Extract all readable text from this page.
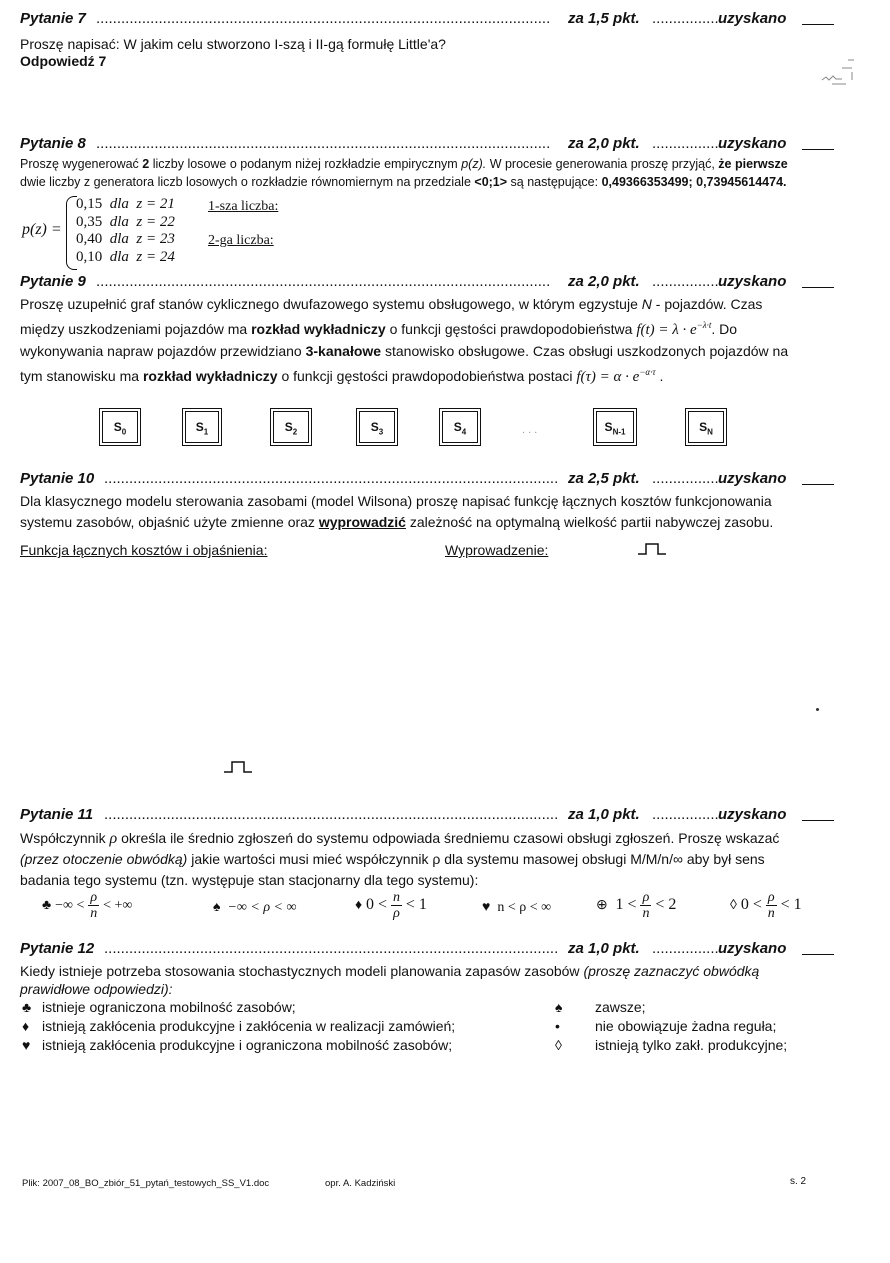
Pytanie 7 .............................................................................................................	za 1,5 pkt. ...................
uzyskano
Proszę napisać: W jakim celu stworzono I-szą i II-gą formułę Little'a?
Odpowiedź 7
Pytanie 8 .............................................................................................................	za 2,0 pkt. ...................
uzyskano
Proszę wygenerować 2 liczby losowe o podanym niżej rozkładzie empirycznym p(z). W procesie generowania proszę przyjąć, że pierwsze
dwie liczby z generatora liczb losowych o rozkładzie równomiernym na przedziale <0;1> są następujące: 0,49366353499; 0,73945614474.
p(z) =
0,15 dla z = 21
0,35 dla z = 22
0,40 dla z = 23
0,10 dla z = 24
1-sza liczba:
2-ga liczba:
Pytanie 9 .............................................................................................................	za 2,0 pkt. ...................
uzyskano
Proszę uzupełnić graf stanów cyklicznego dwufazowego systemu obsługowego, w którym egzystuje N - pojazdów. Czas
między uszkodzeniami pojazdów ma rozkład wykładniczy o funkcji gęstości prawdopodobieństwa $f(t) = \lambda \cdot e^{-\lambda\cdot t}$. Do
wykonywania napraw pojazdów przewidziano 3-kanałowe stanowisko obsługowe. Czas obsługi uszkodzonych pojazdów na
tym stanowisku ma rozkład wykładniczy o funkcji gęstości prawdopodobieństwa postaci $f(\tau) = \alpha \cdot e^{-\alpha\cdot\tau}$ .
$S_0$	$S_1$	$S_2$	$S_3$	$S_4$	. . .	$S_{N-1}$	$S_N$
Pytanie 10 ............................................................................................................. za 2,5 pkt. ...................
uzyskano
Dla klasycznego modelu sterowania zasobami (model Wilsona) proszę napisać funkcję łącznych kosztów funkcjonowania
systemu zasobów, objaśnić użyte zmienne oraz wyprowadzić zależność na optymalną wielkość partii nabywczej zasobu.
Funkcja łącznych kosztów i objaśnienia:	Wyprowadzenie:
Pytanie 11 ............................................................................................................. za 1,0 pkt. ...................
uzyskano
Współczynnik ρ określa ile średnio zgłoszeń do systemu odpowiada średniemu czasowi obsługi zgłoszeń. Proszę wskazać
(przez otoczenie obwódką) jakie wartości musi mieć współczynnik ρ dla systemu masowej obsługi M/M/n/∞ aby był sens
badania tego systemu (tzn. występuje stan stacjonarny dla tego systemu):
♣ −∞ < $\frac{\rho}{n}$ < +∞	♠ −∞ < ρ < ∞	♦ $0 < \frac{n}{\rho} < 1$	♥ n < ρ < ∞	⊕ $1 < \frac{\rho}{n} < 2$	◊ $0 < \frac{\rho}{n} < 1$
Pytanie 12 ............................................................................................................. za 1,0 pkt. ...................
uzyskano
Kiedy istnieje potrzeba stosowania stochastycznych modeli planowania zapasów zasobów (proszę zaznaczyć obwódką
prawidłowe odpowiedzi):
♣ istnieje ograniczona mobilność zasobów;
♦ istnieją zakłócenia produkcyjne i zakłócenia w realizacji zamówień;
♥ istnieją zakłócenia produkcyjne i ograniczona mobilność zasobów;
♠ zawsze;
•	nie obowiązuje żadna reguła;
◊ istnieją tylko zakł. produkcyjne;
Plik: 2007_08_BO_zbiór_51_pytań_testowych_SS_V1.doc	opr. A. Kadziński	s. 2
